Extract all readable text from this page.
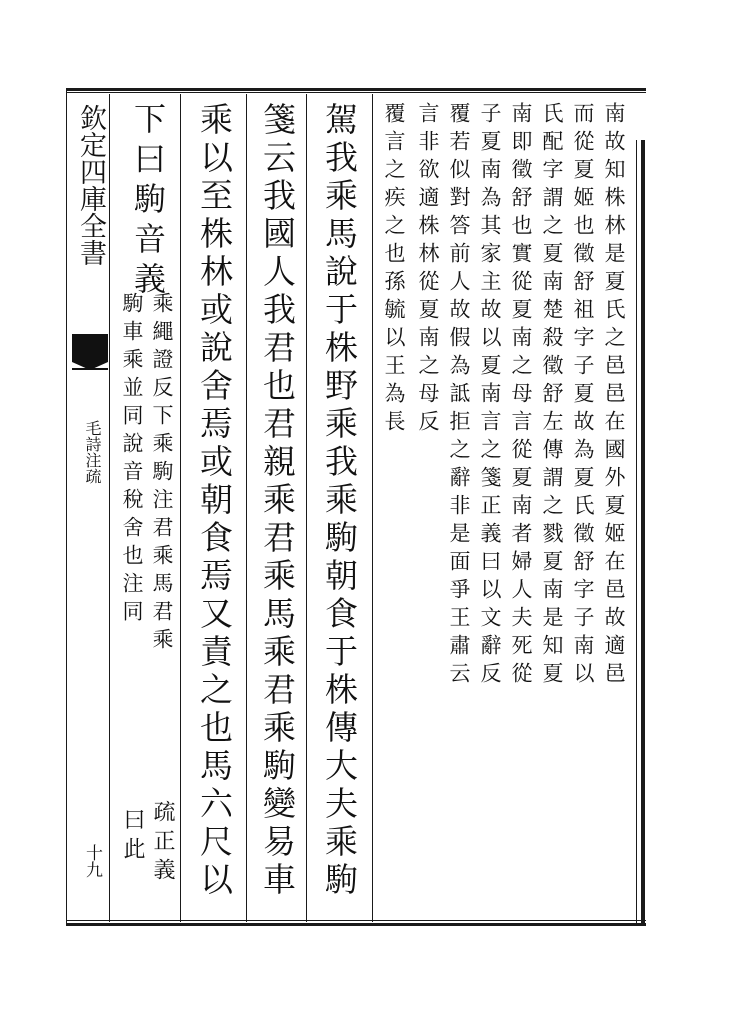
欽定四庫全書
毛詩注疏
十九
南故知株林是夏氏之邑邑在國外夏姬在邑故適邑
而從夏姬也徵舒祖字子夏故為夏氏徵舒字子南以
氏配字謂之夏南楚殺徵舒左傳謂之戮夏南是知夏
南即徵舒也實從夏南之母言從夏南者婦人夫死從
子夏南為其家主故以夏南言之箋正義曰以文辭反
覆若似對答前人故假為詆拒之辭非是面爭王肅云
言非欲適株林從夏南之母反
覆言之疾之也孫毓以王為長
駕我乘馬說于株野乘我乘駒朝食于株傳大夫乘駒
箋云我國人我君也君親乘君乘馬乘君乘駒變易車
乘以至株林或說舍焉或朝食焉又責之也馬六尺以
下曰駒音義
乘繩證反下乘駒注君乘馬君乘
駒車乘並同說音稅舍也注同
疏正義
曰此
